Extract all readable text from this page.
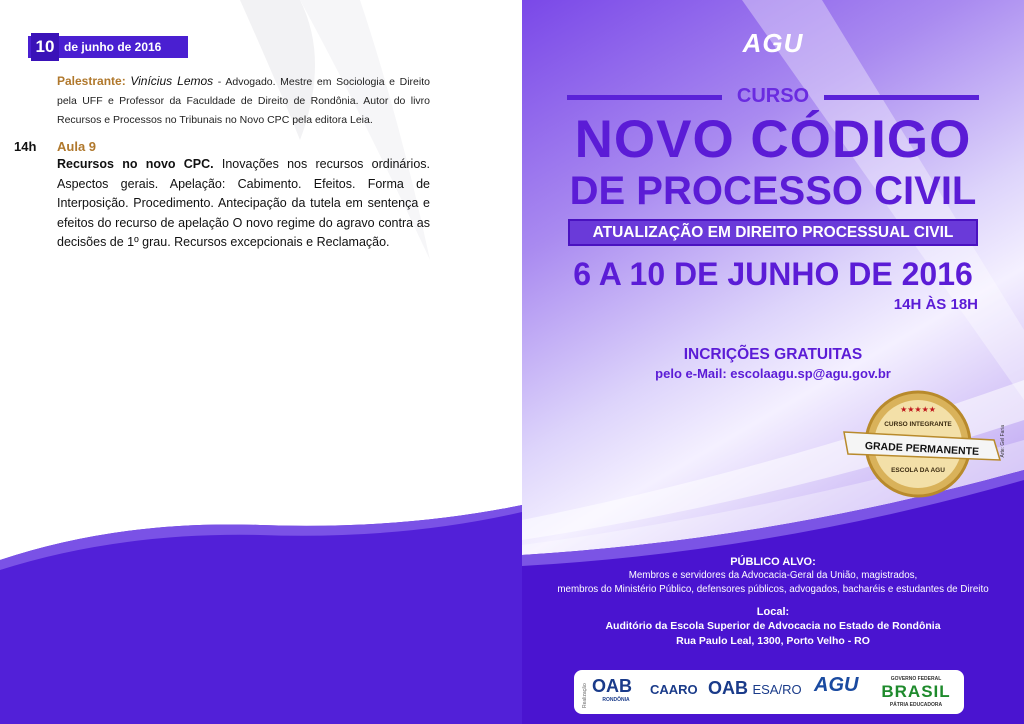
10 de junho de 2016
Palestrante: Vinícius Lemos - Advogado. Mestre em Sociologia e Direito pela UFF e Professor da Faculdade de Direito de Rondônia. Autor do livro Recursos e Processos no Tribunais no Novo CPC pela editora Leia.
14h Aula 9
Recursos no novo CPC. Inovações nos recursos ordinários. Aspectos gerais. Apelação: Cabimento. Efeitos. Forma de Interposição. Procedimento. Antecipação da tutela em sentença e efeitos do recurso de apelação O novo regime do agravo contra as decisões de 1º grau. Recursos excepcionais e Reclamação.
AGU
CURSO
NOVO CÓDIGO
DE PROCESSO CIVIL
ATUALIZAÇÃO EM DIREITO PROCESSUAL CIVIL
6 A 10 DE JUNHO DE 2016
14H ÀS 18H
INCRIÇÕES GRATUITAS
pelo e-Mail: escolaagu.sp@agu.gov.br
★★★★★
CURSO INTEGRANTE
GRADE PERMANENTE
ESCOLA DA AGU
Arte: Gel Faria
PÚBLICO ALVO:
Membros e servidores da Advocacia-Geral da União, magistrados,
membros do Ministério Público, defensores públicos, advogados, bacharéis e estudantes de Direito
Local:
Auditório da Escola Superior de Advocacia no Estado de Rondônia
Rua Paulo Leal, 1300, Porto Velho - RO
Realização OAB
RONDÔNIA
CAARO OAB ESA/RO AGU	GOVERNO FEDERAL
BRASIL
PÁTRIA EDUCADORA
